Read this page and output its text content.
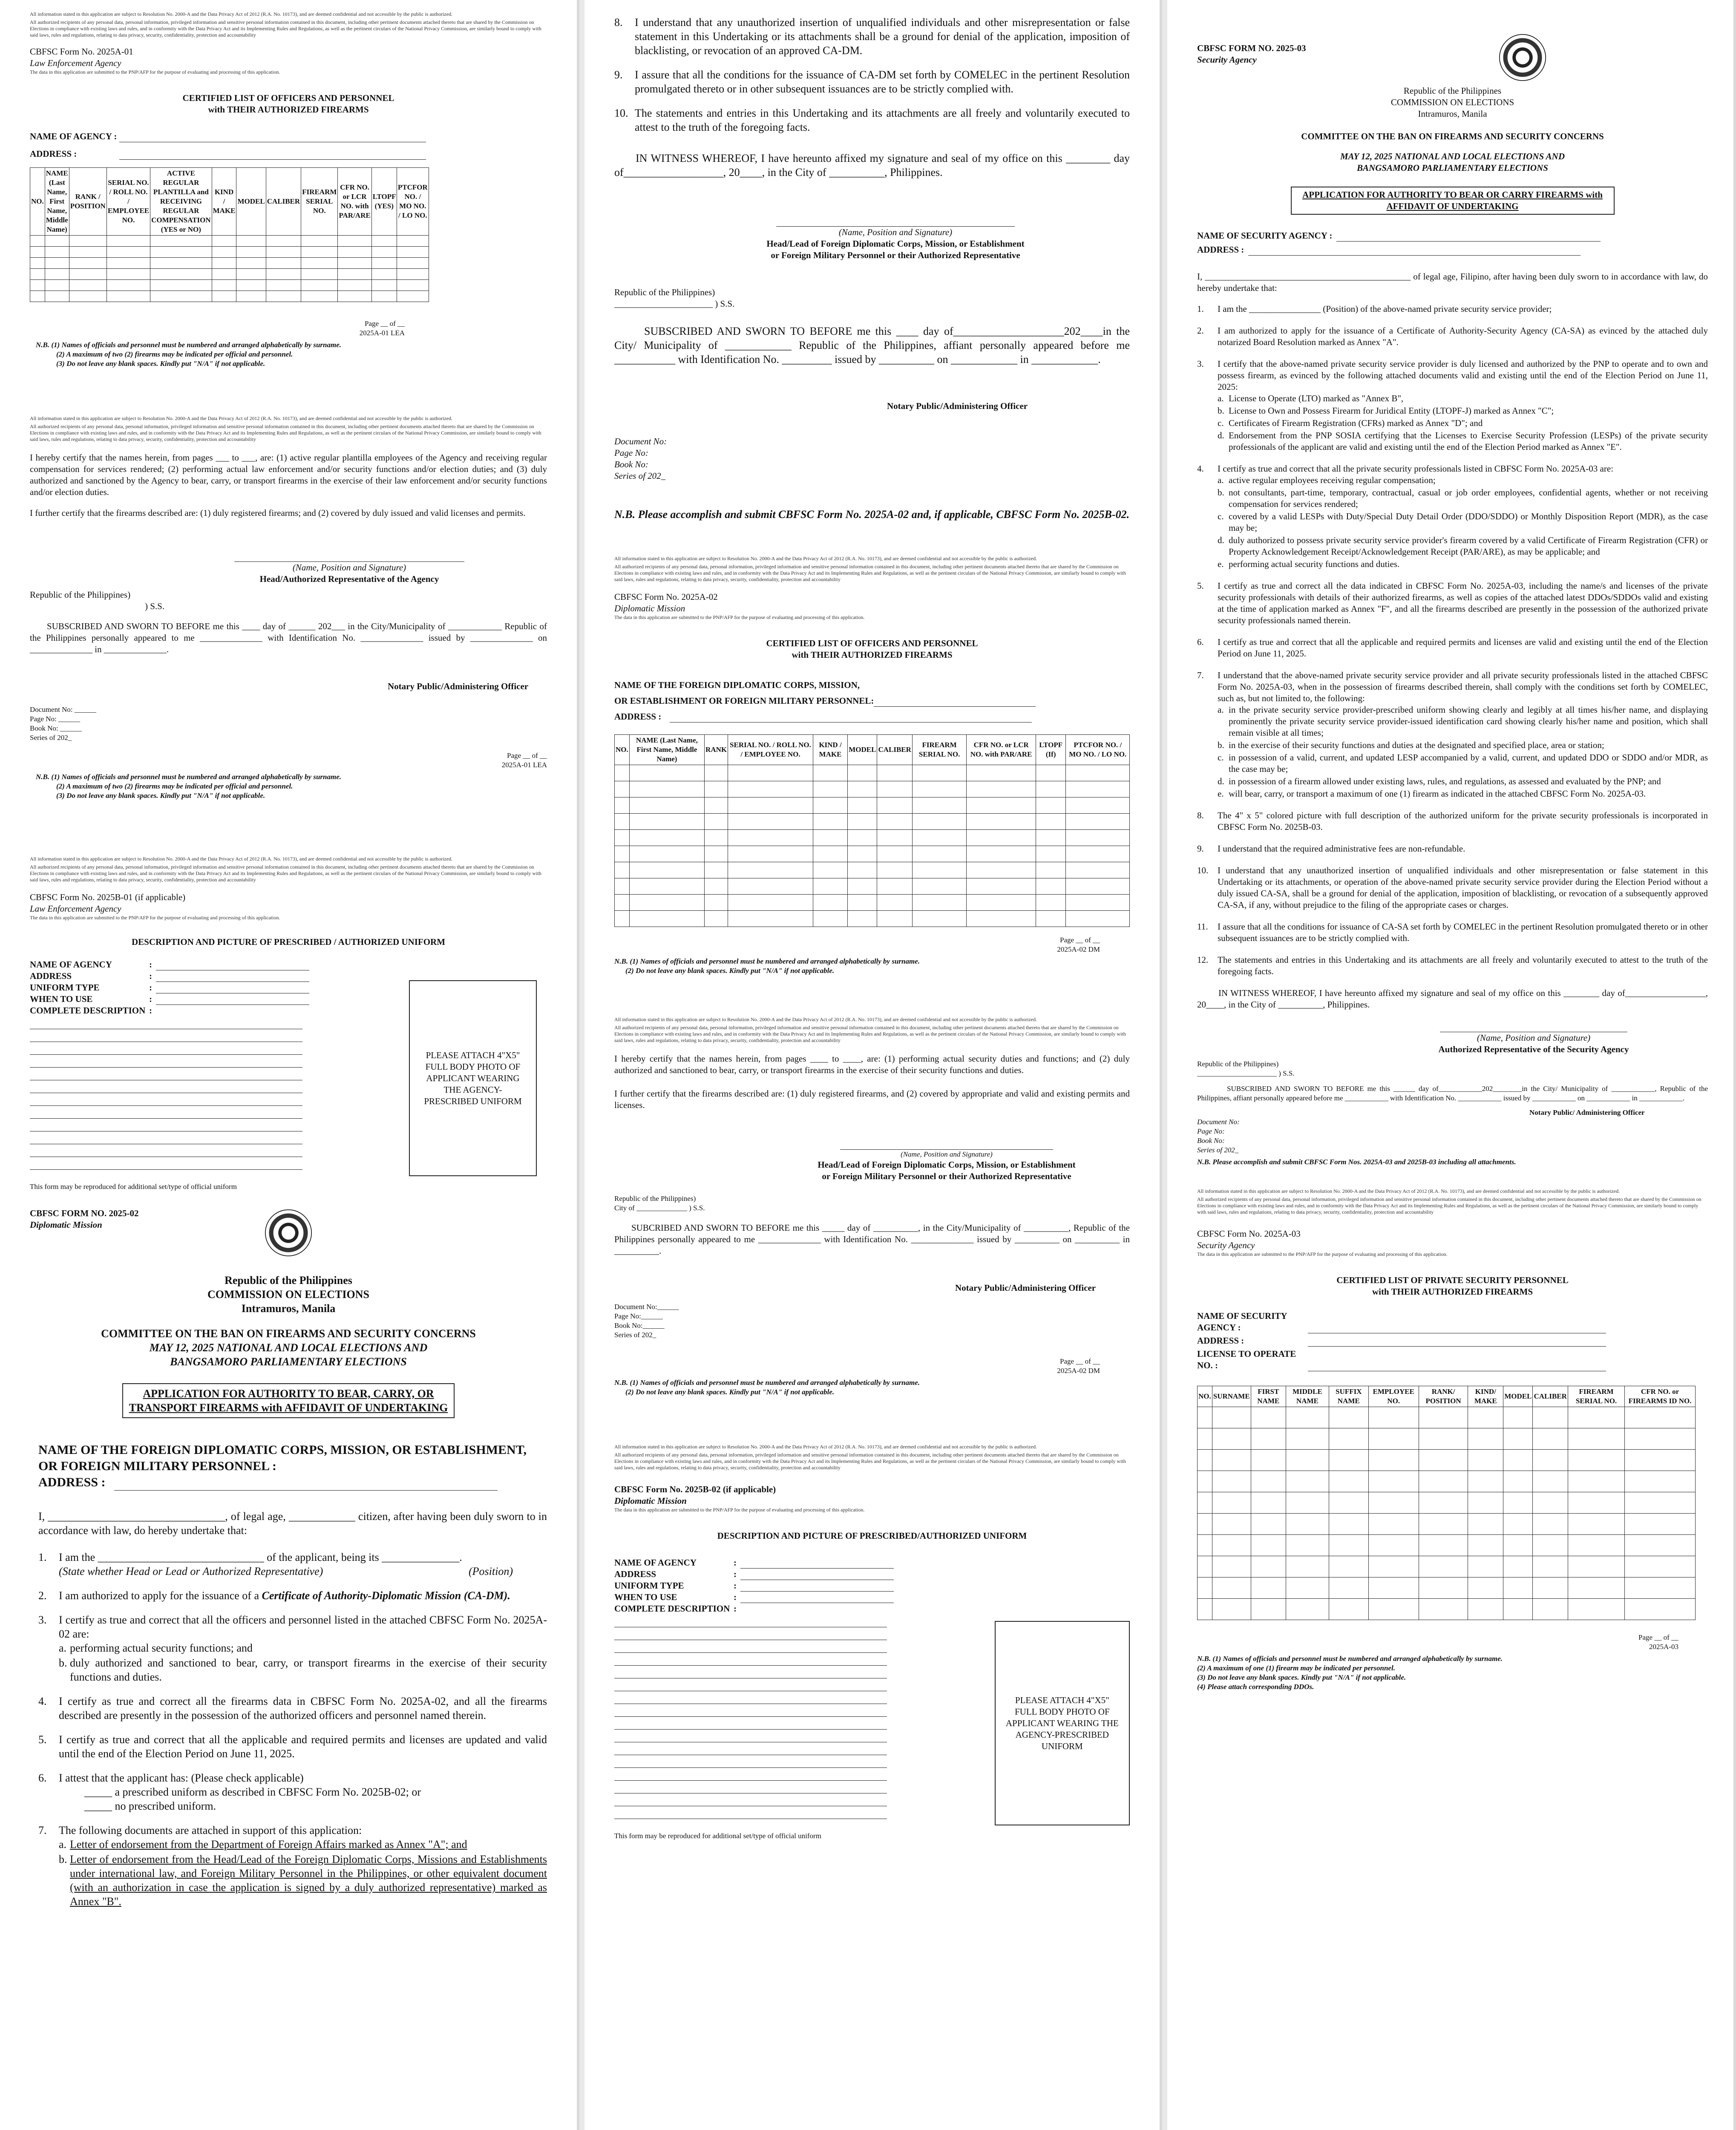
All information stated in this application are subject to Resolution No. 2000-A and the Data Privacy Act of 2012 (R.A. No. 10173), and are deemed confidential and not accessible by the public is authorized.

All authorized recipients of any personal data, personal information, privileged information and sensitive personal information contained in this document, including other pertinent documents attached thereto that are shared by the Commission on Elections in compliance with existing laws and rules, and in conformity with the Data Privacy Act and its Implementing Rules and Regulations, as well as the pertinent circulars of the National Privacy Commission, are similarly bound to comply with said laws, rules and regulations, relating to data privacy, security, confidentiality, protection and accountability

CBFSC Form No. 2025A-01

Law Enforcement Agency

The data in this application are submitted to the PNP/AFP for the purpose of evaluating and processing of this application.

CERTIFIED LIST OF OFFICERS AND PERSONNEL

with THEIR AUTHORIZED FIREARMS

NAME OF AGENCY :
ADDRESS :
NO.	NAME (Last Name, First Name, Middle Name)	RANK / POSITION	SERIAL NO. / ROLL NO. / EMPLOYEE NO.	ACTIVE REGULAR PLANTILLA and RECEIVING REGULAR COMPENSATION (YES or NO)	KIND / MAKE	MODEL	CALIBER	FIREARM SERIAL NO.	CFR NO. or LCR NO. with PAR/ARE	LTOPF (YES)	PTCFOR NO. / MO NO. / LO NO.

Page __ of __
2025A-01 LEA

N.B. (1) Names of officials and personnel must be numbered and arranged alphabetically by surname.

(2) A maximum of two (2) firearms may be indicated per official and personnel.

(3) Do not leave any blank spaces. Kindly put "N/A" if not applicable.

All information stated in this application are subject to Resolution No. 2000-A and the Data Privacy Act of 2012 (R.A. No. 10173), and are deemed confidential and not accessible by the public is authorized.

All authorized recipients of any personal data, personal information, privileged information and sensitive personal information contained in this document, including other pertinent documents attached thereto that are shared by the Commission on Elections in compliance with existing laws and rules, and in conformity with the Data Privacy Act and its Implementing Rules and Regulations, as well as the pertinent circulars of the National Privacy Commission, are similarly bound to comply with said laws, rules and regulations, relating to data privacy, security, confidentiality, protection and accountability

I hereby certify that the names herein, from pages ___ to ___, are: (1) active regular plantilla employees of the Agency and receiving regular compensation for services rendered; (2) performing actual law enforcement and/or security functions and/or election duties; and (3) duly authorized and sanctioned by the Agency to bear, carry, or transport firearms in the exercise of their law enforcement and/or security functions and/or election duties.

I further certify that the firearms described are: (1) duly registered firearms; and (2) covered by duly issued and valid licenses and permits.

(Name, Position and Signature)

Head/Authorized Representative of the Agency

Republic of the Philippines)

) S.S.

SUBSCRIBED AND SWORN TO BEFORE me this ____ day of ______ 202___ in the City/Municipality of ____________ Republic of the Philippines personally appeared to me ______________ with Identification No. ______________ issued by ______________ on ______________ in ______________.

Notary Public/Administering Officer

Document No: ______

Page No: ______

Book No: ______

Series of 202_

Page __ of __
2025A-01 LEA

N.B. (1) Names of officials and personnel must be numbered and arranged alphabetically by surname.

(2) A maximum of two (2) firearms may be indicated per official and personnel.

(3) Do not leave any blank spaces. Kindly put "N/A" if not applicable.

All information stated in this application are subject to Resolution No. 2000-A and the Data Privacy Act of 2012 (R.A. No. 10173), and are deemed confidential and not accessible by the public is authorized.

All authorized recipients of any personal data, personal information, privileged information and sensitive personal information contained in this document, including other pertinent documents attached thereto that are shared by the Commission on Elections in compliance with existing laws and rules, and in conformity with the Data Privacy Act and its Implementing Rules and Regulations, as well as the pertinent circulars of the National Privacy Commission, are similarly bound to comply with said laws, rules and regulations, relating to data privacy, security, confidentiality, protection and accountability

CBFSC Form No. 2025B-01 (if applicable)

Law Enforcement Agency

The data in this application are submitted to the PNP/AFP for the purpose of evaluating and processing of this application.

DESCRIPTION AND PICTURE OF PRESCRIBED / AUTHORIZED UNIFORM

NAME OF AGENCY	:
ADDRESS	:
UNIFORM TYPE	:
WHEN TO USE	:
COMPLETE DESCRIPTION :
PLEASE ATTACH 4"X5" FULL BODY PHOTO OF APPLICANT WEARING THE AGENCY-PRESCRIBED UNIFORM

This form may be reproduced for additional set/type of official uniform

CBFSC FORM NO. 2025-02

Diplomatic Mission

Republic of the Philippines

COMMISSION ON ELECTIONS

Intramuros, Manila

COMMITTEE ON THE BAN ON FIREARMS AND SECURITY CONCERNS

MAY 12, 2025 NATIONAL AND LOCAL ELECTIONS AND

BANGSAMORO PARLIAMENTARY ELECTIONS

APPLICATION FOR AUTHORITY TO BEAR, CARRY, OR

TRANSPORT FIREARMS with AFFIDAVIT OF UNDERTAKING

NAME OF THE FOREIGN DIPLOMATIC CORPS, MISSION, OR ESTABLISHMENT, OR FOREIGN MILITARY PERSONNEL :

ADDRESS :

I, ________________________________, of legal age, ____________ citizen, after having been duly sworn to in accordance with law, do hereby undertake that:

1. I am the ______________________________ of the applicant, being its ______________.
(State whether Head or Lead or Authorized Representative)	(Position)
2. I am authorized to apply for the issuance of a Certificate of Authority-Diplomatic Mission (CA-DM).
3. I certify as true and correct that all the officers and personnel listed in the attached CBFSC Form No. 2025A-02 are:
a. performing actual security functions; and
b. duly authorized and sanctioned to bear, carry, or transport firearms in the exercise of their security functions and duties.
4. I certify as true and correct all the firearms data in CBFSC Form No. 2025A-02, and all the firearms described are presently in the possession of the authorized officers and personnel named therein.
5. I certify as true and correct that all the applicable and required permits and licenses are updated and valid until the end of the Election Period on June 11, 2025.
6. I attest that the applicant has: (Please check applicable)

_____ a prescribed uniform as described in CBFSC Form No. 2025B-02; or

_____ no prescribed uniform.

7. The following documents are attached in support of this application:
a. Letter of endorsement from the Department of Foreign Affairs marked as Annex "A"; and
b. Letter of endorsement from the Head/Lead of the Foreign Diplomatic Corps, Missions and Establishments under international law, and Foreign Military Personnel in the Philippines, or other equivalent document (with an authorization in case the application is signed by a duly authorized representative) marked as Annex "B".
8. I understand that any unauthorized insertion of unqualified individuals and other misrepresentation or false statement in this Undertaking or its attachments shall be a ground for denial of the application, imposition of blacklisting, or revocation of an approved CA-DM.
9. I assure that all the conditions for the issuance of CA-DM set forth by COMELEC in the pertinent Resolution promulgated thereto or in other subsequent issuances are to be strictly complied with.
10. The statements and entries in this Undertaking and its attachments are all freely and voluntarily executed to attest to the truth of the foregoing facts.

IN WITNESS WHEREOF, I have hereunto affixed my signature and seal of my office on this ________ day of__________________, 20____, in the City of __________, Philippines.

(Name, Position and Signature)

Head/Lead of Foreign Diplomatic Corps, Mission, or Establishment

or Foreign Military Personnel or their Authorized Representative

Republic of the Philippines)

______________________ ) S.S.

SUBSCRIBED AND SWORN TO BEFORE me this ____ day of____________________202____in the City/ Municipality of ____________ Republic of the Philippines, affiant personally appeared before me ___________ with Identification No. _________ issued by __________ on ____________ in ____________.

Notary Public/Administering Officer

Document No:

Page No:

Book No:

Series of 202_

N.B. Please accomplish and submit CBFSC Form No. 2025A-02 and, if applicable, CBFSC Form No. 2025B-02.

All information stated in this application are subject to Resolution No. 2000-A and the Data Privacy Act of 2012 (R.A. No. 10173), and are deemed confidential and not accessible by the public is authorized.

All authorized recipients of any personal data, personal information, privileged information and sensitive personal information contained in this document, including other pertinent documents attached thereto that are shared by the Commission on Elections in compliance with existing laws and rules, and in conformity with the Data Privacy Act and its Implementing Rules and Regulations, as well as the pertinent circulars of the National Privacy Commission, are similarly bound to comply with said laws, rules and regulations, relating to data privacy, security, confidentiality, protection and accountability

CBFSC Form No. 2025A-02

Diplomatic Mission

The data in this application are submitted to the PNP/AFP for the purpose of evaluating and processing of this application.

CERTIFIED LIST OF OFFICERS AND PERSONNEL

with THEIR AUTHORIZED FIREARMS

NAME OF THE FOREIGN DIPLOMATIC CORPS, MISSION,

OR ESTABLISHMENT OR FOREIGN MILITARY PERSONNEL:
ADDRESS :
NO.	NAME (Last Name, First Name, Middle Name)	RANK	SERIAL NO. / ROLL NO. / EMPLOYEE NO.	KIND / MAKE	MODEL	CALIBER	FIREARM SERIAL NO.	CFR NO. or LCR NO. with PAR/ARE	LTOPF (If)	PTCFOR NO. / MO NO. / LO NO.

Page __ of __
2025A-02 DM

N.B. (1) Names of officials and personnel must be numbered and arranged alphabetically by surname.

(2) Do not leave any blank spaces. Kindly put "N/A" if not applicable.

All information stated in this application are subject to Resolution No. 2000-A and the Data Privacy Act of 2012 (R.A. No. 10173), and are deemed confidential and not accessible by the public is authorized.

All authorized recipients of any personal data, personal information, privileged information and sensitive personal information contained in this document, including other pertinent documents attached thereto that are shared by the Commission on Elections in compliance with existing laws and rules, and in conformity with the Data Privacy Act and its Implementing Rules and Regulations, as well as the pertinent circulars of the National Privacy Commission, are similarly bound to comply with said laws, rules and regulations, relating to data privacy, security, confidentiality, protection and accountability

I hereby certify that the names herein, from pages ____ to ____, are: (1) performing actual security duties and functions; and (2) duly authorized and sanctioned to bear, carry, or transport firearms in the exercise of their security functions and duties.

I further certify that the firearms described are: (1) duly registered firearms, and (2) covered by appropriate and valid and existing permits and licenses.

(Name, Position and Signature)

Head/Lead of Foreign Diplomatic Corps, Mission, or Establishment

or Foreign Military Personnel or their Authorized Representative

Republic of the Philippines)

City of ______________ ) S.S.

SUBCRIBED AND SWORN TO BEFORE me this _____ day of __________, in the City/Municipality of __________, Republic of the Philippines personally appeared to me ______________ with Identification No. ______________ issued by __________ on __________ in __________.

Notary Public/Administering Officer

Document No:______

Page No:______

Book No:______

Series of 202_

Page __ of __
2025A-02 DM

N.B. (1) Names of officials and personnel must be numbered and arranged alphabetically by surname.

(2) Do not leave any blank spaces. Kindly put "N/A" if not applicable.

All information stated in this application are subject to Resolution No. 2000-A and the Data Privacy Act of 2012 (R.A. No. 10173), and are deemed confidential and not accessible by the public is authorized.

All authorized recipients of any personal data, personal information, privileged information and sensitive personal information contained in this document, including other pertinent documents attached thereto that are shared by the Commission on Elections in compliance with existing laws and rules, and in conformity with the Data Privacy Act and its Implementing Rules and Regulations, as well as the pertinent circulars of the National Privacy Commission, are similarly bound to comply with said laws, rules and regulations, relating to data privacy, security, confidentiality, protection and accountability

CBFSC Form No. 2025B-02 (if applicable)

Diplomatic Mission

The data in this application are submitted to the PNP/AFP for the purpose of evaluating and processing of this application.

DESCRIPTION AND PICTURE OF PRESCRIBED/AUTHORIZED UNIFORM

NAME OF AGENCY	:
ADDRESS	:
UNIFORM TYPE	:
WHEN TO USE	:
COMPLETE DESCRIPTION :
PLEASE ATTACH 4"X5" FULL BODY PHOTO OF APPLICANT WEARING THE AGENCY-PRESCRIBED UNIFORM

This form may be reproduced for additional set/type of official uniform

CBFSC FORM NO. 2025-03

Security Agency

Republic of the Philippines

COMMISSION ON ELECTIONS

Intramuros, Manila

COMMITTEE ON THE BAN ON FIREARMS AND SECURITY CONCERNS

MAY 12, 2025 NATIONAL AND LOCAL ELECTIONS AND

BANGSAMORO PARLIAMENTARY ELECTIONS

APPLICATION FOR AUTHORITY TO BEAR OR CARRY FIREARMS with

AFFIDAVIT OF UNDERTAKING

NAME OF SECURITY AGENCY :
ADDRESS :

I, ______________________________________________ of legal age, Filipino, after having been duly sworn to in accordance with law, do hereby undertake that:

1. I am the ________________ (Position) of the above-named private security service provider;
2. I am authorized to apply for the issuance of a Certificate of Authority-Security Agency (CA-SA) as evinced by the attached duly notarized Board Resolution marked as Annex "A".
3. I certify that the above-named private security service provider is duly licensed and authorized by the PNP to operate and to own and possess firearm, as evinced by the following attached documents valid and existing until the end of the Election Period on June 11, 2025:
a. License to Operate (LTO) marked as "Annex B",
b. License to Own and Possess Firearm for Juridical Entity (LTOPF-J) marked as Annex "C";
c. Certificates of Firearm Registration (CFRs) marked as Annex "D"; and
d. Endorsement from the PNP SOSIA certifying that the Licenses to Exercise Security Profession (LESPs) of the private security professionals of the applicant are valid and existing until the end of the Election Period marked as Annex "E".
4. I certify as true and correct that all the private security professionals listed in CBFSC Form No. 2025A-03 are:
a. active regular employees receiving regular compensation;
b. not consultants, part-time, temporary, contractual, casual or job order employees, confidential agents, whether or not receiving compensation for services rendered;
c. covered by a valid LESPs with Duty/Special Duty Detail Order (DDO/SDDO) or Monthly Disposition Report (MDR), as the case may be;
d. duly authorized to possess private security service provider's firearm covered by a valid Certificate of Firearm Registration (CFR) or Property Acknowledgement Receipt/Acknowledgement Receipt (PAR/ARE), as may be applicable; and
e. performing actual security functions and duties.
5. I certify as true and correct all the data indicated in CBFSC Form No. 2025A-03, including the name/s and licenses of the private security professionals with details of their authorized firearms, as well as copies of the attached latest DDOs/SDDOs valid and existing at the time of application marked as Annex "F", and all the firearms described are presently in the possession of the authorized private security professionals named therein.
6. I certify as true and correct that all the applicable and required permits and licenses are valid and existing until the end of the Election Period on June 11, 2025.
7. I understand that the above-named private security service provider and all private security professionals listed in the attached CBFSC Form No. 2025A-03, when in the possession of firearms described therein, shall comply with the conditions set forth by COMELEC, such as, but not limited to, the following:
a. in the private security service provider-prescribed uniform showing clearly and legibly at all times his/her name, and displaying prominently the private security service provider-issued identification card showing clearly his/her name and position, which shall remain visible at all times;
b. in the exercise of their security functions and duties at the designated and specified place, area or station;
c. in possession of a valid, current, and updated LESP accompanied by a valid, current, and updated DDO or SDDO and/or MDR, as the case may be;
d. in possession of a firearm allowed under existing laws, rules, and regulations, as assessed and evaluated by the PNP; and
e. will bear, carry, or transport a maximum of one (1) firearm as indicated in the attached CBFSC Form No. 2025A-03.
8. The 4" x 5" colored picture with full description of the authorized uniform for the private security professionals is incorporated in CBFSC Form No. 2025B-03.
9. I understand that the required administrative fees are non-refundable.
10. I understand that any unauthorized insertion of unqualified individuals and other misrepresentation or false statement in this Undertaking or its attachments, or operation of the above-named private security service provider during the Election Period without a duly issued CA-SA, shall be a ground for denial of the application, imposition of blacklisting, or revocation of a subsequently approved CA-SA, if any, without prejudice to the filing of the appropriate cases or charges.
11. I assure that all the conditions for issuance of CA-SA set forth by COMELEC in the pertinent Resolution promulgated thereto or in other subsequent issuances are to be strictly complied with.
12. The statements and entries in this Undertaking and its attachments are all freely and voluntarily executed to attest to the truth of the foregoing facts.

IN WITNESS WHEREOF, I have hereunto affixed my signature and seal of my office on this ________ day of__________________, 20____, in the City of __________, Philippines.

(Name, Position and Signature)

Authorized Representative of the Security Agency

Republic of the Philippines)

______________________ ) S.S.

SUBSCRIBED AND SWORN TO BEFORE me this ______ day of____________202________in the City/ Municipality of ____________, Republic of the Philippines, affiant personally appeared before me ____________ with Identification No. ____________ issued by ____________ on ____________ in ____________.

Notary Public/ Administering Officer

Document No:

Page No:

Book No:

Series of 202_

N.B. Please accomplish and submit CBFSC Form Nos. 2025A-03 and 2025B-03 including all attachments.

All information stated in this application are subject to Resolution No. 2000-A and the Data Privacy Act of 2012 (R.A. No. 10173), and are deemed confidential and not accessible by the public is authorized.

All authorized recipients of any personal data, personal information, privileged information and sensitive personal information contained in this document, including other pertinent documents attached thereto that are shared by the Commission on Elections in compliance with existing laws and rules, and in conformity with the Data Privacy Act and its Implementing Rules and Regulations, as well as the pertinent circulars of the National Privacy Commission, are similarly bound to comply with said laws, rules and regulations, relating to data privacy, security, confidentiality, protection and accountability

CBFSC Form No. 2025A-03

Security Agency

The data in this application are submitted to the PNP/AFP for the purpose of evaluating and processing of this application.

CERTIFIED LIST OF PRIVATE SECURITY PERSONNEL

with THEIR AUTHORIZED FIREARMS

NAME OF SECURITY AGENCY :
ADDRESS :
LICENSE TO OPERATE NO. :
NO.	SURNAME	FIRST NAME	MIDDLE NAME	SUFFIX NAME	EMPLOYEE NO.	RANK/ POSITION	KIND/ MAKE	MODEL	CALIBER	FIREARM SERIAL NO.	CFR NO. or FIREARMS ID NO.

Page __ of __
2025A-03

N.B. (1) Names of officials and personnel must be numbered and arranged alphabetically by surname.

(2) A maximum of one (1) firearm may be indicated per personnel.

(3) Do not leave any blank spaces. Kindly put "N/A" if not applicable.

(4) Please attach corresponding DDOs.
